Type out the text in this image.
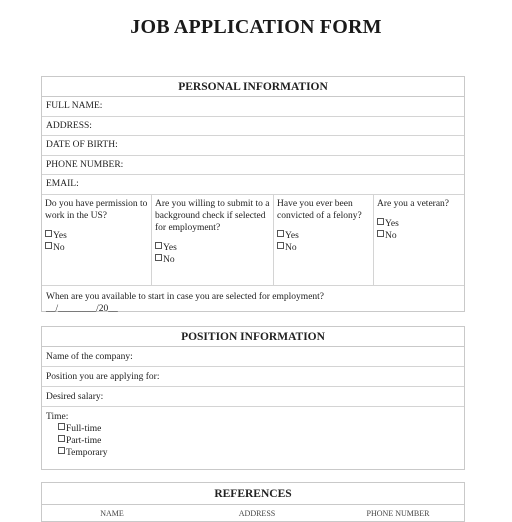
JOB APPLICATION FORM
PERSONAL INFORMATION
FULL NAME:
ADDRESS:
DATE OF BIRTH:
PHONE NUMBER:
EMAIL:
Do you have permission to work in the US?
Yes
No
Are you willing to submit to a background check if selected for employment?
Yes
No
Have you ever been convicted of a felony?
Yes
No
Are you a veteran?
Yes
No
When are you available to start in case you are selected for employment?
__/________/20__
POSITION INFORMATION
Name of the company:
Position you are applying for:
Desired salary:
Time:
Full-time
Part-time
Temporary
REFERENCES
NAME	ADDRESS	PHONE NUMBER
